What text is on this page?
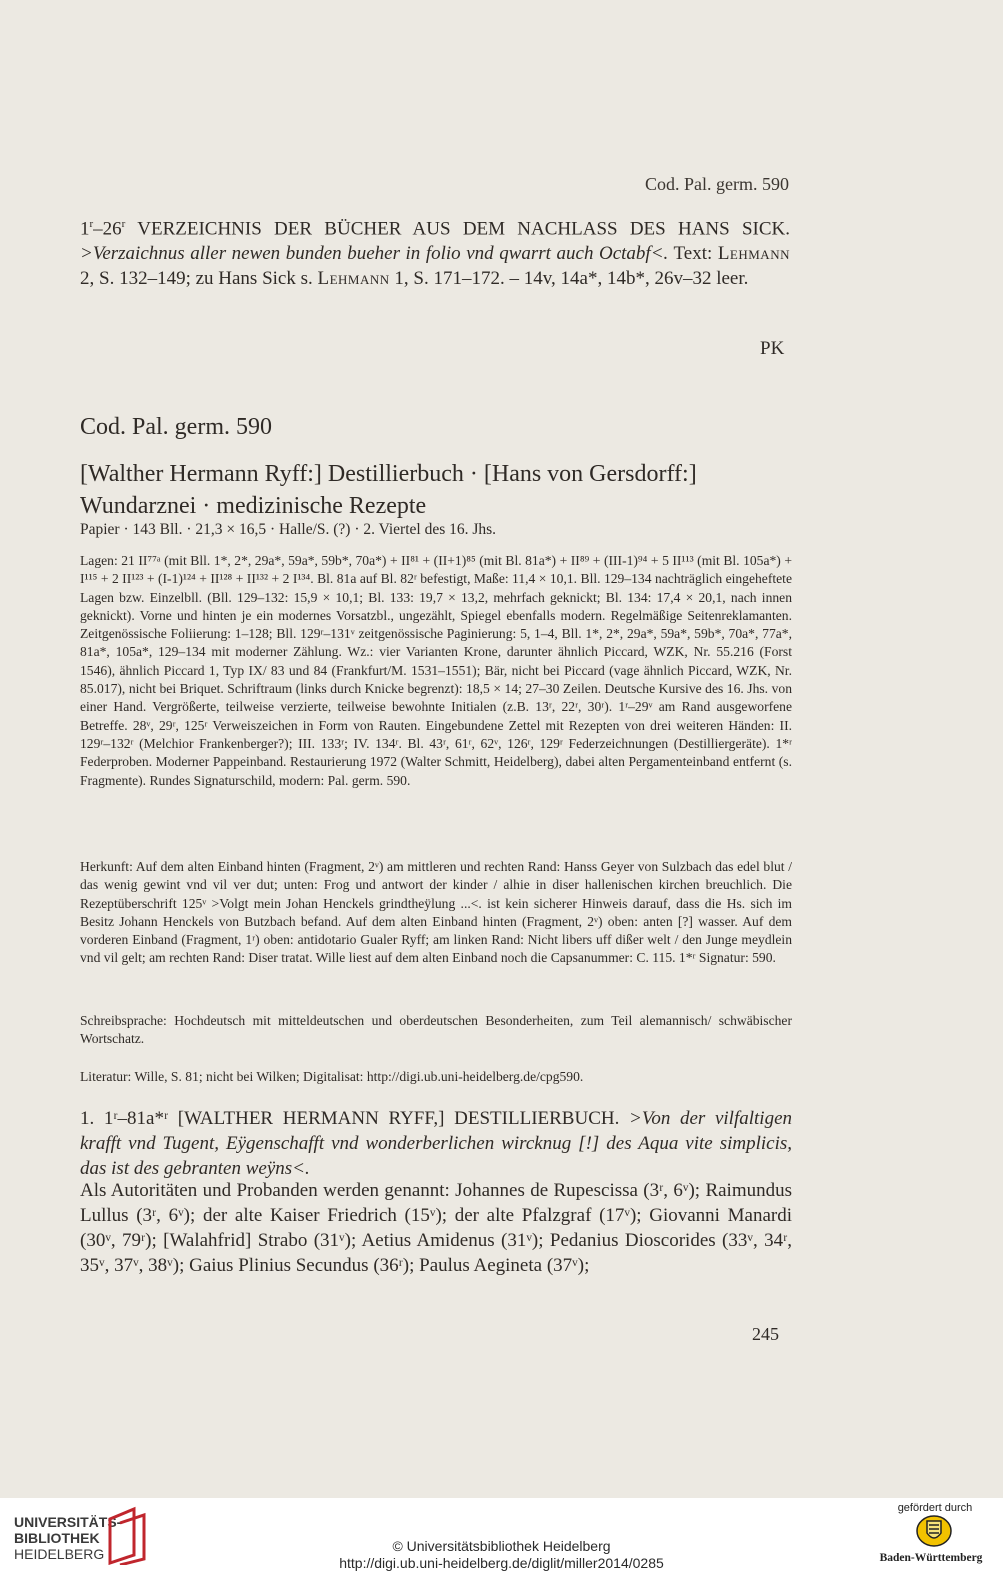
Cod. Pal. germ. 590
1$^r$–26$^r$ VERZEICHNIS DER BÜCHER AUS DEM NACHLASS DES HANS SICK. >Verzaichnus aller newen bunden bueher in folio vnd qwarrt auch Octabf<. Text: Lehmann 2, S. 132–149; zu Hans Sick s. Lehmann 1, S. 171–172. – 14v, 14a*, 14b*, 26v–32 leer.
PK
Cod. Pal. germ. 590
[Walther Hermann Ryff:] Destillierbuch · [Hans von Gersdorff:] Wundarznei · medizinische Rezepte
Papier · 143 Bll. · 21,3 × 16,5 · Halle/S. (?) · 2. Viertel des 16. Jhs.
Lagen: 21 II⁷⁷ᵃ (mit Bll. 1*, 2*, 29a*, 59a*, 59b*, 70a*) + II⁸¹ + (II+1)⁸⁵ (mit Bl. 81a*) + II⁸⁹ + (III-1)⁹⁴ + 5 II¹¹³ (mit Bl. 105a*) + I¹¹⁵ + 2 II¹²³ + (I-1)¹²⁴ + II¹²⁸ + II¹³² + 2 I¹³⁴. Bl. 81a auf Bl. 82ʳ befestigt, Maße: 11,4 × 10,1. Bll. 129–134 nachträglich eingeheftete Lagen bzw. Einzelbll. (Bll. 129–132: 15,9 × 10,1; Bl. 133: 19,7 × 13,2, mehrfach geknickt; Bl. 134: 17,4 × 20,1, nach innen geknickt). Vorne und hinten je ein modernes Vorsatzbl., ungezählt, Spiegel ebenfalls modern. Regelmäßige Seitenreklamanten. Zeitgenössische Foliierung: 1–128; Bll. 129ʳ–131ᵛ zeitgenössische Paginierung: 5, 1–4, Bll. 1*, 2*, 29a*, 59a*, 59b*, 70a*, 77a*, 81a*, 105a*, 129–134 mit moderner Zählung. Wz.: vier Varianten Krone, darunter ähnlich Piccard, WZK, Nr. 55.216 (Forst 1546), ähnlich Piccard 1, Typ IX/ 83 und 84 (Frankfurt/M. 1531–1551); Bär, nicht bei Piccard (vage ähnlich Piccard, WZK, Nr. 85.017), nicht bei Briquet. Schriftraum (links durch Knicke begrenzt): 18,5 × 14; 27–30 Zeilen. Deutsche Kursive des 16. Jhs. von einer Hand. Vergrößerte, teilweise verzierte, teilweise bewohnte Initialen (z.B. 13ʳ, 22ʳ, 30ʳ). 1ʳ–29ᵛ am Rand ausgeworfene Betreffe. 28ᵛ, 29ʳ, 125ʳ Verweiszeichen in Form von Rauten. Eingebundene Zettel mit Rezepten von drei weiteren Händen: II. 129ʳ–132ʳ (Melchior Frankenberger?); III. 133ʳ; IV. 134ʳ. Bl. 43ʳ, 61ʳ, 62ᵛ, 126ʳ, 129ʳ Federzeichnungen (Destilliergeräte). 1*ʳ Federproben. Moderner Pappeinband. Restaurierung 1972 (Walter Schmitt, Heidelberg), dabei alten Pergamenteinband entfernt (s. Fragmente). Rundes Signaturschild, modern: Pal. germ. 590.
Herkunft: Auf dem alten Einband hinten (Fragment, 2ᵛ) am mittleren und rechten Rand: Hanss Geyer von Sulzbach das edel blut / das wenig gewint vnd vil ver dut; unten: Frog und antwort der kinder / alhie in diser hallenischen kirchen breuchlich. Die Rezeptüberschrift 125ᵛ >Volgt mein Johan Henckels grindtheÿlung ...<. ist kein sicherer Hinweis darauf, dass die Hs. sich im Besitz Johann Henckels von Butzbach befand. Auf dem alten Einband hinten (Fragment, 2ᵛ) oben: anten [?] wasser. Auf dem vorderen Einband (Fragment, 1ʳ) oben: antidotario Gualer Ryff; am linken Rand: Nicht libers uff dißer welt / den Junge meydlein vnd vil gelt; am rechten Rand: Diser tratat. Wille liest auf dem alten Einband noch die Capsanummer: C. 115. 1*ʳ Signatur: 590.
Schreibsprache: Hochdeutsch mit mitteldeutschen und oberdeutschen Besonderheiten, zum Teil alemannisch/ schwäbischer Wortschatz.
Literatur: Wille, S. 81; nicht bei Wilken; Digitalisat: http://digi.ub.uni-heidelberg.de/cpg590.
1. 1ʳ–81a*ʳ [WALTHER HERMANN RYFF,] DESTILLIERBUCH. >Von der vilfaltigen krafft vnd Tugent, Eÿgenschafft vnd wonderberlichen wircknug [!] des Aqua vite simplicis, das ist des gebranten weÿns<.
Als Autoritäten und Probanden werden genannt: Johannes de Rupescissa (3ʳ, 6ᵛ); Raimundus Lullus (3ʳ, 6ᵛ); der alte Kaiser Friedrich (15ᵛ); der alte Pfalzgraf (17ᵛ); Giovanni Manardi (30ᵛ, 79ʳ); [Walahfrid] Strabo (31ᵛ); Aetius Amidenus (31ᵛ); Pedanius Dioscorides (33ᵛ, 34ʳ, 35ᵛ, 37ᵛ, 38ᵛ); Gaius Plinius Secundus (36ʳ); Paulus Aegineta (37ᵛ);
245
UNIVERSITÄTS-
BIBLIOTHEK
HEIDELBERG	© Universitätsbibliothek Heidelberg
http://digi.ub.uni-heidelberg.de/diglit/miller2014/0285
gefördert durch
Baden-Württemberg
